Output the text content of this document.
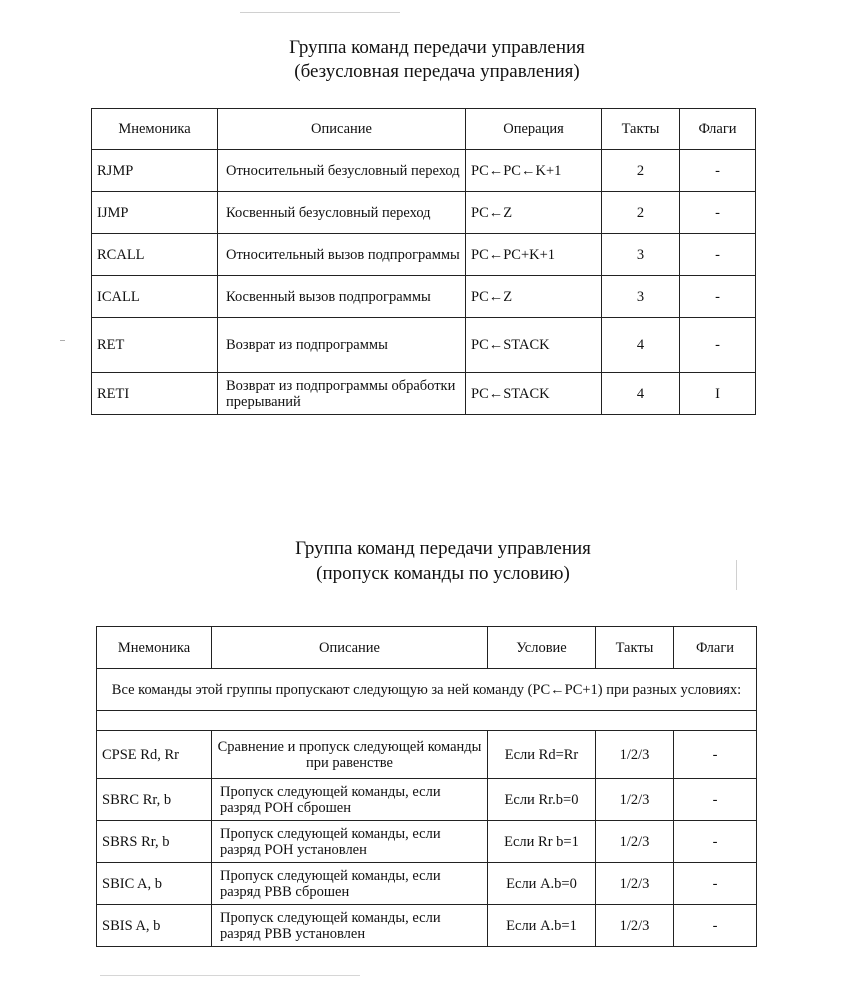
Группа команд передачи управления
(безусловная передача управления)
Мнемоника	Описание	Операция	Такты	Флаги
RJMP	Относительный безусловный переход	PC←PC←K+1	2	-
IJMP	Косвенный безусловный переход	PC←Z	2	-
RCALL	Относительный вызов подпрограммы	PC←PC+K+1	3	-
ICALL	Косвенный вызов подпрограммы	PC←Z	3	-
RET	Возврат из подпрограммы	PC←STACK	4	-
RETI	Возврат из подпрограммы обработки прерываний	PC←STACK	4	I
Группа команд передачи управления
(пропуск команды по условию)
Мнемоника	Описание	Условие	Такты	Флаги
Все команды этой группы пропускают следующую за ней команду (PC←PC+1) при разных условиях:				

CPSE Rd, Rr	Сравнение и пропуск следующей команды при равенстве	Если Rd=Rr	1/2/3	-
SBRC Rr, b	Пропуск следующей команды, если разряд РОН сброшен	Если Rr.b=0	1/2/3	-
SBRS Rr, b	Пропуск следующей команды, если разряд РОН установлен	Если Rr b=1	1/2/3	-
SBIC A, b	Пропуск следующей команды, если разряд РВВ сброшен	Если A.b=0	1/2/3	-
SBIS A, b	Пропуск следующей команды, если разряд РВВ установлен	Если A.b=1	1/2/3	-
